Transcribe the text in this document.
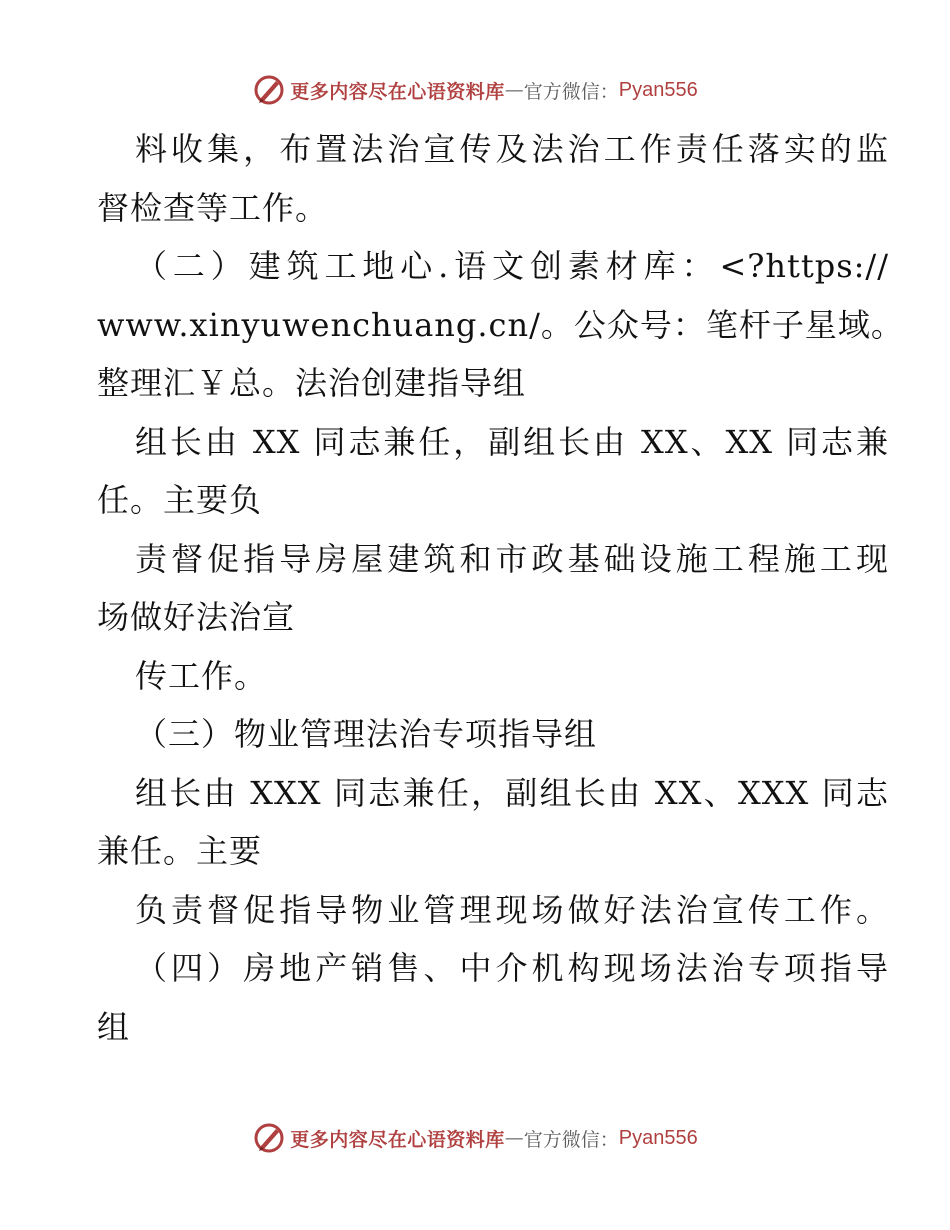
更多内容尽在心语资料库 — 官方微信： Pyan556
料收集，布置法治宣传及法治工作责任落实的监
督检查等工作。
（二）建筑工地心.语文创素材库：<?https://
www.xinyuwenchuang.cn/。公众号：笔杆子星域。
整理汇￥总。法治创建指导组
组长由 XX 同志兼任，副组长由 XX、XX 同志兼
任。主要负
责督促指导房屋建筑和市政基础设施工程施工现
场做好法治宣
传工作。
（三）物业管理法治专项指导组
组长由 XXX 同志兼任，副组长由 XX、XXX 同志
兼任。主要
负责督促指导物业管理现场做好法治宣传工作。
（四）房地产销售、中介机构现场法治专项指导
组
更多内容尽在心语资料库 — 官方微信： Pyan556
